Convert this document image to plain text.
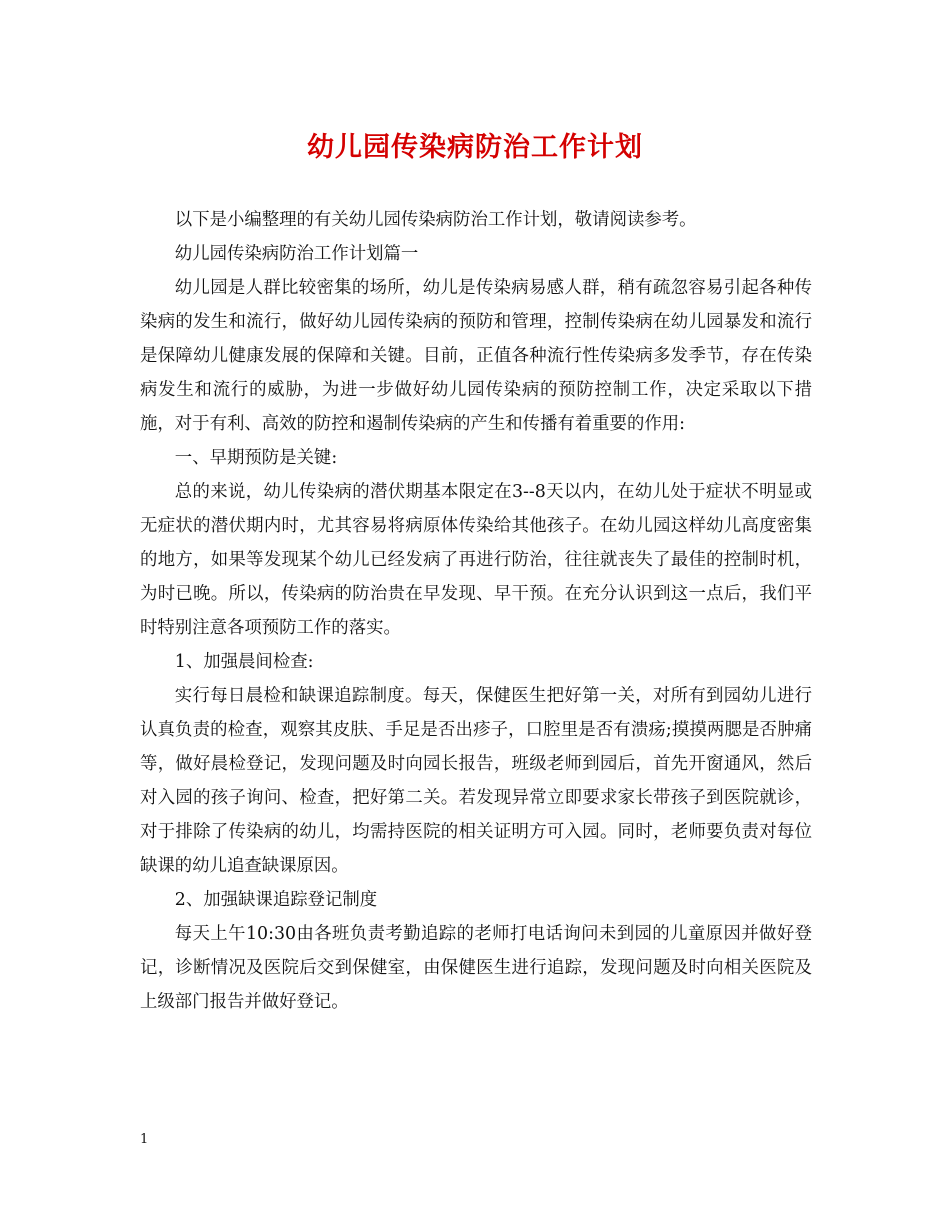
幼儿园传染病防治工作计划

以下是小编整理的有关幼儿园传染病防治工作计划，敬请阅读参考。

幼儿园传染病防治工作计划篇一

幼儿园是人群比较密集的场所，幼儿是传染病易感人群，稍有疏忽容易引起各种传染病的发生和流行，做好幼儿园传染病的预防和管理，控制传染病在幼儿园暴发和流行是保障幼儿健康发展的保障和关键。目前，正值各种流行性传染病多发季节，存在传染病发生和流行的威胁，为进一步做好幼儿园传染病的预防控制工作，决定采取以下措施，对于有利、高效的防控和遏制传染病的产生和传播有着重要的作用:

一、早期预防是关键:

总的来说，幼儿传染病的潜伏期基本限定在3--8天以内，在幼儿处于症状不明显或无症状的潜伏期内时，尤其容易将病原体传染给其他孩子。在幼儿园这样幼儿高度密集的地方，如果等发现某个幼儿已经发病了再进行防治，往往就丧失了最佳的控制时机，为时已晚。所以，传染病的防治贵在早发现、早干预。在充分认识到这一点后，我们平时特别注意各项预防工作的落实。

1、加强晨间检查:

实行每日晨检和缺课追踪制度。每天，保健医生把好第一关，对所有到园幼儿进行认真负责的检查，观察其皮肤、手足是否出疹子，口腔里是否有溃疡;摸摸两腮是否肿痛等，做好晨检登记，发现问题及时向园长报告，班级老师到园后，首先开窗通风，然后对入园的孩子询问、检查，把好第二关。若发现异常立即要求家长带孩子到医院就诊，对于排除了传染病的幼儿，均需持医院的相关证明方可入园。同时，老师要负责对每位缺课的幼儿追查缺课原因。

2、加强缺课追踪登记制度

每天上午10:30由各班负责考勤追踪的老师打电话询问未到园的儿童原因并做好登记，诊断情况及医院后交到保健室，由保健医生进行追踪，发现问题及时向相关医院及上级部门报告并做好登记。

1
